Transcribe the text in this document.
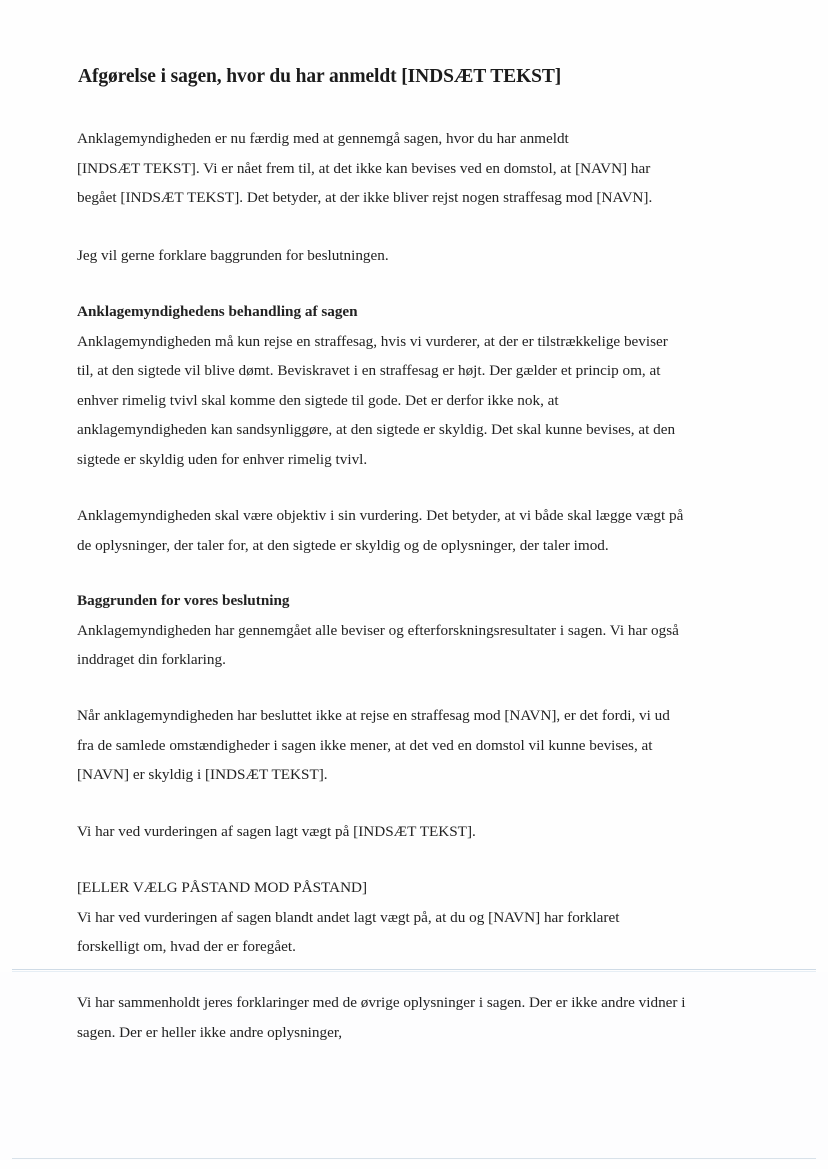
Afgørelse i sagen, hvor du har anmeldt [INDSÆT TEKST]

Anklagemyndigheden er nu færdig med at gennemgå sagen, hvor du har anmeldt
[INDSÆT TEKST]. Vi er nået frem til, at det ikke kan bevises ved en domstol, at [NAVN] har
begået [INDSÆT TEKST]. Det betyder, at der ikke bliver rejst nogen straffesag mod [NAVN].

Jeg vil gerne forklare baggrunden for beslutningen.

Anklagemyndighedens behandling af sagen
Anklagemyndigheden må kun rejse en straffesag, hvis vi vurderer, at der er tilstrækkelige beviser
til, at den sigtede vil blive dømt. Beviskravet i en straffesag er højt. Der gælder et princip om, at
enhver rimelig tvivl skal komme den sigtede til gode. Det er derfor ikke nok, at
anklagemyndigheden kan sandsynliggøre, at den sigtede er skyldig. Det skal kunne bevises, at den
sigtede er skyldig uden for enhver rimelig tvivl.

Anklagemyndigheden skal være objektiv i sin vurdering. Det betyder, at vi både skal lægge vægt på
de oplysninger, der taler for, at den sigtede er skyldig og de oplysninger, der taler imod.

Baggrunden for vores beslutning
Anklagemyndigheden har gennemgået alle beviser og efterforskningsresultater i sagen. Vi har også
inddraget din forklaring.

Når anklagemyndigheden har besluttet ikke at rejse en straffesag mod [NAVN], er det fordi, vi ud
fra de samlede omstændigheder i sagen ikke mener, at det ved en domstol vil kunne bevises, at
[NAVN] er skyldig i [INDSÆT TEKST].

Vi har ved vurderingen af sagen lagt vægt på [INDSÆT TEKST].

[ELLER VÆLG PÅSTAND MOD PÅSTAND]
Vi har ved vurderingen af sagen blandt andet lagt vægt på, at du og [NAVN] har forklaret
forskelligt om, hvad der er foregået.

Vi har sammenholdt jeres forklaringer med de øvrige oplysninger i sagen. Der er ikke andre vidner i
sagen. Der er heller ikke andre oplysninger,
